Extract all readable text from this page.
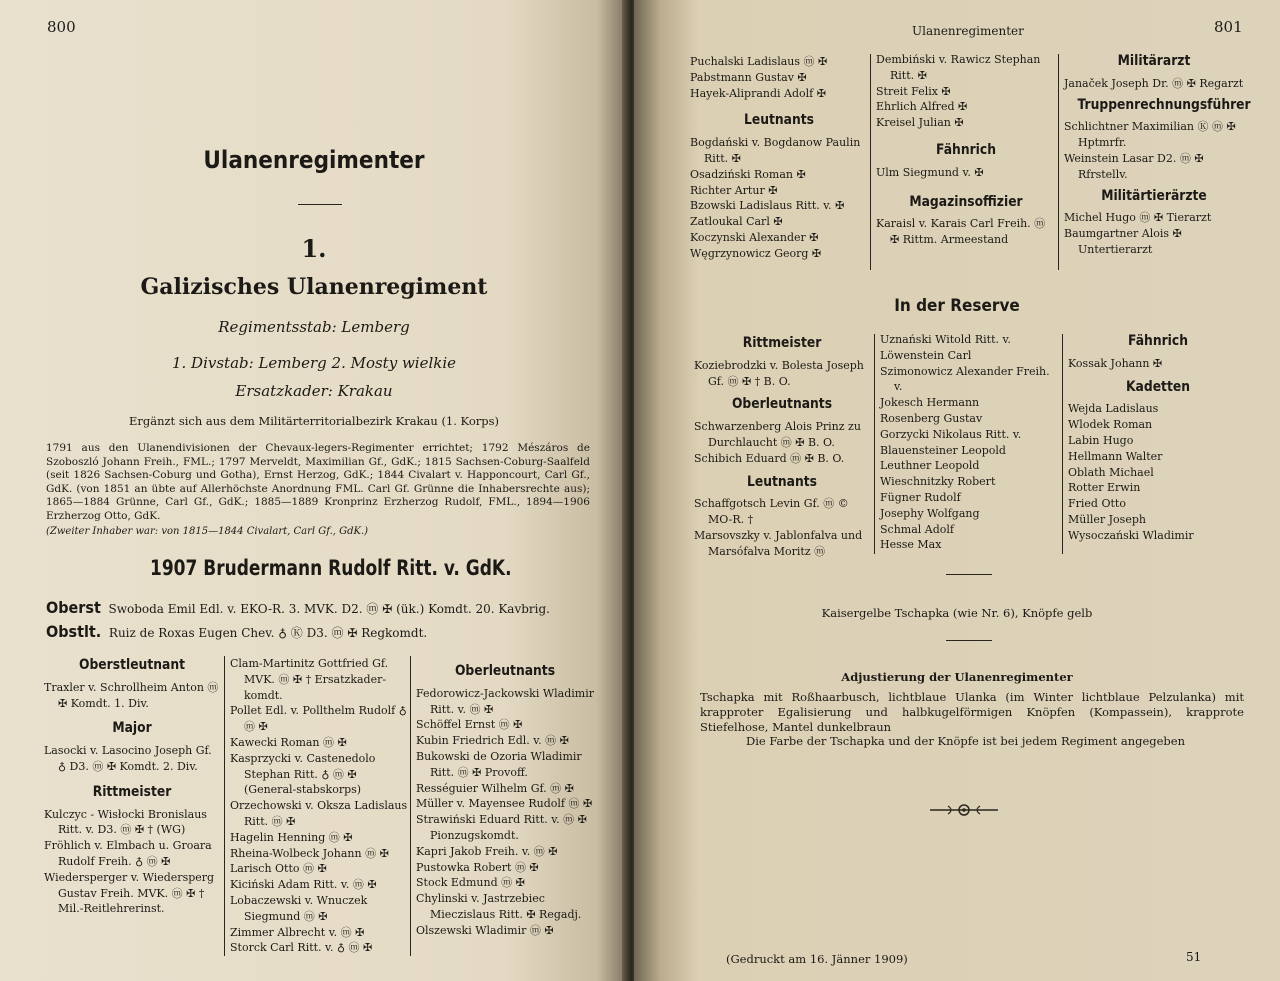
800
Ulanenregimenter
1.
Galizisches Ulanenregiment
Regimentsstab: Lemberg
1. Divstab: Lemberg 2. Mosty wielkie
Ersatzkader: Krakau
Ergänzt sich aus dem Militärterritorialbezirk Krakau (1. Korps)
1791 aus den Ulanendivisionen der Chevaux-legers-Regimenter errichtet; 1792 Mészáros de Szoboszló Johann Freih., FML.; 1797 Merveldt, Maximilian Gf., GdK.; 1815 Sachsen-Coburg-Saalfeld (seit 1826 Sachsen-Coburg und Gotha), Ernst Herzog, GdK.; 1844 Civalart v. Happoncourt, Carl Gf., GdK. (von 1851 an übte auf Allerhöchste Anordnung FML. Carl Gf. Grünne die Inhabersrechte aus); 1865—1884 Grünne, Carl Gf., GdK.; 1885—1889 Kronprinz Erzherzog Rudolf, FML., 1894—1906 Erzherzog Otto, GdK.
(Zweiter Inhaber war: von 1815—1844 Civalart, Carl Gf., GdK.)
1907 Brudermann Rudolf Ritt. v. GdK.
Oberst Swoboda Emil Edl. v. EKO-R. 3. MVK. D2. ⓜ ✠ (ük.) Komdt. 20. Kavbrig.
Obstlt. Ruiz de Roxas Eugen Chev. ♁ Ⓚ D3. ⓜ ✠ Regkomdt.
Oberstleutnant
Traxler v. Schrollheim Anton ⓜ ✠ Komdt. 1. Div.
Major
Lasocki v. Lasocino Joseph Gf. ♁ D3. ⓜ ✠ Komdt. 2. Div.
Rittmeister
Kulczyc - Wisłocki Bronislaus Ritt. v. D3. ⓜ ✠ † (WG)
Fröhlich v. Elmbach u. Groara Rudolf Freih. ♁ ⓜ ✠
Wiedersperger v. Wiedersperg Gustav Freih. MVK. ⓜ ✠ † Mil.-Reitlehrerinst.
Clam-Martinitz Gottfried Gf. MVK. ⓜ ✠ † Ersatzkader-komdt.
Pollet Edl. v. Pollthelm Rudolf ♁ ⓜ ✠
Kawecki Roman ⓜ ✠
Kasprzycki v. Castenedolo Stephan Ritt. ♁ ⓜ ✠ (General-stabskorps)
Orzechowski v. Oksza Ladislaus Ritt. ⓜ ✠
Hagelin Henning ⓜ ✠
Rheina-Wolbeck Johann ⓜ ✠
Larisch Otto ⓜ ✠
Kiciński Adam Ritt. v. ⓜ ✠
Lobaczewski v. Wnuczek Siegmund ⓜ ✠
Zimmer Albrecht v. ⓜ ✠
Storck Carl Ritt. v. ♁ ⓜ ✠
Oberleutnants
Fedorowicz-Jackowski Wladimir Ritt. v. ⓜ ✠
Schöffel Ernst ⓜ ✠
Kubin Friedrich Edl. v. ⓜ ✠
Bukowski de Ozoria Wladimir Ritt. ⓜ ✠ Provoff.
Rességuier Wilhelm Gf. ⓜ ✠
Müller v. Mayensee Rudolf ⓜ ✠
Strawiński Eduard Ritt. v. ⓜ ✠ Pionzugskomdt.
Kapri Jakob Freih. v. ⓜ ✠
Pustowka Robert ⓜ ✠
Stock Edmund ⓜ ✠
Chylinski v. Jastrzebiec Mieczislaus Ritt. ✠ Regadj.
Olszewski Wladimir ⓜ ✠
Ulanenregimenter	801
Puchalski Ladislaus ⓜ ✠
Pabstmann Gustav ✠
Hayek-Aliprandi Adolf ✠
Leutnants
Bogdański v. Bogdanow Paulin Ritt. ✠
Osadziński Roman ✠
Richter Artur ✠
Bzowski Ladislaus Ritt. v. ✠
Zatloukal Carl ✠
Koczynski Alexander ✠
Węgrzynowicz Georg ✠
Dembiński v. Rawicz Stephan Ritt. ✠
Streit Felix ✠
Ehrlich Alfred ✠
Kreisel Julian ✠
Fähnrich
Ulm Siegmund v. ✠
Magazinsoffizier
Karaisl v. Karais Carl Freih. ⓜ ✠ Rittm. Armeestand
Militärarzt
Janaček Joseph Dr. ⓜ ✠ Regarzt
Truppenrechnungsführer
Schlichtner Maximilian Ⓚ ⓜ ✠ Hptmrfr.
Weinstein Lasar D2. ⓜ ✠ Rfrstellv.
Militärtierärzte
Michel Hugo ⓜ ✠ Tierarzt
Baumgartner Alois ✠ Untertierarzt
In der Reserve
Rittmeister
Koziebrodzki v. Bolesta Joseph Gf. ⓜ ✠ † B. O.
Oberleutnants
Schwarzenberg Alois Prinz zu Durchlaucht ⓜ ✠ B. O.
Schibich Eduard ⓜ ✠ B. O.
Leutnants
Schaffgotsch Levin Gf. ⓜ © MO-R. †
Marsovszky v. Jablonfalva und Marsófalva Moritz ⓜ
Uznański Witold Ritt. v.
Löwenstein Carl
Szimonowicz Alexander Freih. v.
Jokesch Hermann
Rosenberg Gustav
Gorzycki Nikolaus Ritt. v.
Blauensteiner Leopold
Leuthner Leopold
Wieschnitzky Robert
Fügner Rudolf
Josephy Wolfgang
Schmal Adolf
Hesse Max
Fähnrich
Kossak Johann ✠
Kadetten
Wejda Ladislaus
Wlodek Roman
Labin Hugo
Hellmann Walter
Oblath Michael
Rotter Erwin
Fried Otto
Müller Joseph
Wysoczański Wladimir
Kaisergelbe Tschapka (wie Nr. 6), Knöpfe gelb
Adjustierung der Ulanenregimenter
Tschapka mit Roßhaarbusch, lichtblaue Ulanka (im Winter lichtblaue Pelzulanka) mit krapproter Egalisierung und halbkugelförmigen Knöpfen (Kompassein), krapprote Stiefelhose, Mantel dunkelbraun
Die Farbe der Tschapka und der Knöpfe ist bei jedem Regiment angegeben
(Gedruckt am 16. Jänner 1909)	51
